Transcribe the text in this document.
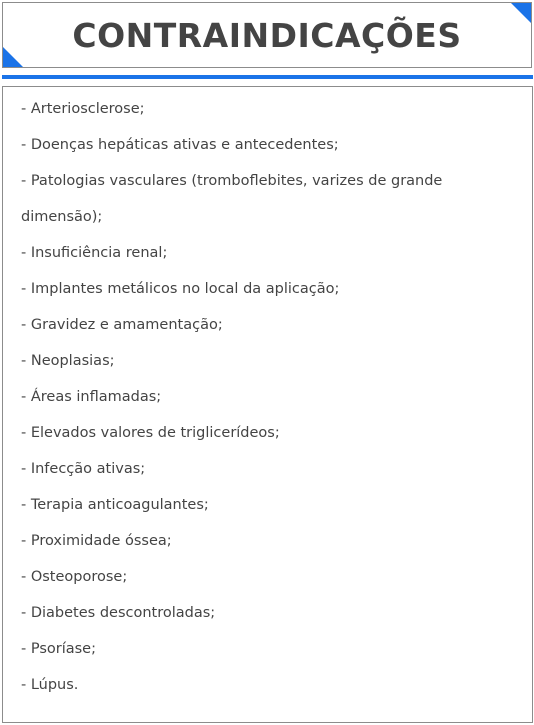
CONTRAINDICAÇÕES
- Arteriosclerose;
- Doenças hepáticas ativas e antecedentes;
- Patologias vasculares (tromboflebites, varizes de grande dimensão);
- Insuficiência renal;
- Implantes metálicos no local da aplicação;
- Gravidez e amamentação;
- Neoplasias;
- Áreas inflamadas;
- Elevados valores de triglicerídeos;
- Infecção ativas;
- Terapia anticoagulantes;
- Proximidade óssea;
- Osteoporose;
- Diabetes descontroladas;
- Psoríase;
- Lúpus.
